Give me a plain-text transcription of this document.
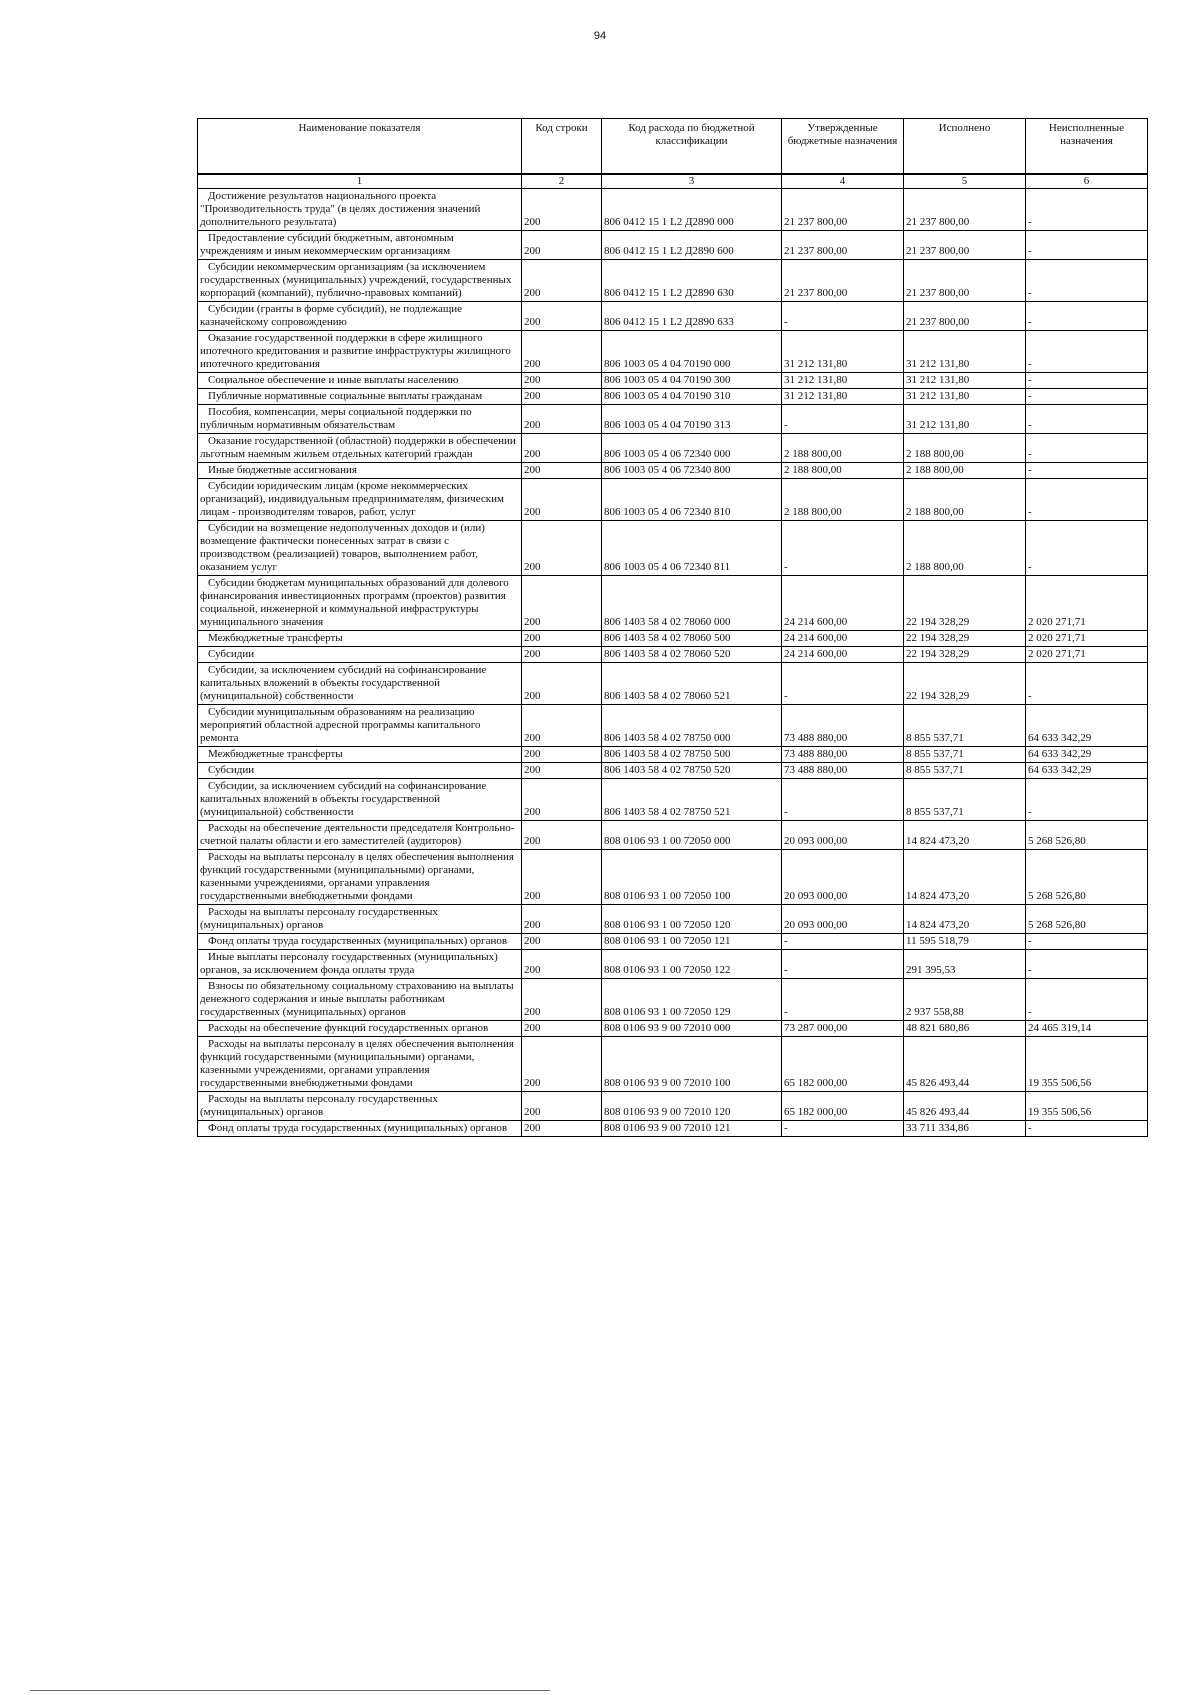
94
Наименование показателя	Код строки	Код расхода по бюджетной классификации	Утвержденные бюджетные назначения	Исполнено	Неисполненные назначения
1	2	3	4	5	6
Достижение результатов национального проекта "Производительность труда" (в целях достижения значений дополнительного результата)	200	806 0412 15 1 L2 Д2890 000	21 237 800,00	21 237 800,00	-
Предоставление субсидий бюджетным, автономным учреждениям и иным некоммерческим организациям	200	806 0412 15 1 L2 Д2890 600	21 237 800,00	21 237 800,00	-
Субсидии некоммерческим организациям (за исключением государственных (муниципальных) учреждений, государственных корпораций (компаний), публично-правовых компаний)	200	806 0412 15 1 L2 Д2890 630	21 237 800,00	21 237 800,00	-
Субсидии (гранты в форме субсидий), не подлежащие казначейскому сопровождению	200	806 0412 15 1 L2 Д2890 633	-	21 237 800,00	-
Оказание государственной поддержки в сфере жилищного ипотечного кредитования и развитие инфраструктуры жилищного ипотечного кредитования	200	806 1003 05 4 04 70190 000	31 212 131,80	31 212 131,80	-
Социальное обеспечение и иные выплаты населению	200	806 1003 05 4 04 70190 300	31 212 131,80	31 212 131,80	-
Публичные нормативные социальные выплаты гражданам	200	806 1003 05 4 04 70190 310	31 212 131,80	31 212 131,80	-
Пособия, компенсации, меры социальной поддержки по публичным нормативным обязательствам	200	806 1003 05 4 04 70190 313	-	31 212 131,80	-
Оказание государственной (областной) поддержки в обеспечении льготным наемным жильем отдельных категорий граждан	200	806 1003 05 4 06 72340 000	2 188 800,00	2 188 800,00	-
Иные бюджетные ассигнования	200	806 1003 05 4 06 72340 800	2 188 800,00	2 188 800,00	-
Субсидии юридическим лицам (кроме некоммерческих организаций), индивидуальным предпринимателям, физическим лицам - производителям товаров, работ, услуг	200	806 1003 05 4 06 72340 810	2 188 800,00	2 188 800,00	-
Субсидии на возмещение недополученных доходов и (или) возмещение фактически понесенных затрат в связи с производством (реализацией) товаров, выполнением работ, оказанием услуг	200	806 1003 05 4 06 72340 811	-	2 188 800,00	-
Субсидии бюджетам муниципальных образований для долевого финансирования инвестиционных программ (проектов) развития социальной, инженерной и коммунальной инфраструктуры муниципального значения	200	806 1403 58 4 02 78060 000	24 214 600,00	22 194 328,29	2 020 271,71
Межбюджетные трансферты	200	806 1403 58 4 02 78060 500	24 214 600,00	22 194 328,29	2 020 271,71
Субсидии	200	806 1403 58 4 02 78060 520	24 214 600,00	22 194 328,29	2 020 271,71
Субсидии, за исключением субсидий на софинансирование капитальных вложений в объекты государственной (муниципальной) собственности	200	806 1403 58 4 02 78060 521	-	22 194 328,29	-
Субсидии муниципальным образованиям на реализацию мероприятий областной адресной программы капитального ремонта	200	806 1403 58 4 02 78750 000	73 488 880,00	8 855 537,71	64 633 342,29
Межбюджетные трансферты	200	806 1403 58 4 02 78750 500	73 488 880,00	8 855 537,71	64 633 342,29
Субсидии	200	806 1403 58 4 02 78750 520	73 488 880,00	8 855 537,71	64 633 342,29
Субсидии, за исключением субсидий на софинансирование капитальных вложений в объекты государственной (муниципальной) собственности	200	806 1403 58 4 02 78750 521	-	8 855 537,71	-
Расходы на обеспечение деятельности председателя Контрольно-счетной палаты области и его заместителей (аудиторов)	200	808 0106 93 1 00 72050 000	20 093 000,00	14 824 473,20	5 268 526,80
Расходы на выплаты персоналу в целях обеспечения выполнения функций государственными (муниципальными) органами, казенными учреждениями, органами управления государственными внебюджетными фондами	200	808 0106 93 1 00 72050 100	20 093 000,00	14 824 473,20	5 268 526,80
Расходы на выплаты персоналу государственных (муниципальных) органов	200	808 0106 93 1 00 72050 120	20 093 000,00	14 824 473,20	5 268 526,80
Фонд оплаты труда государственных (муниципальных) органов	200	808 0106 93 1 00 72050 121	-	11 595 518,79	-
Иные выплаты персоналу государственных (муниципальных) органов, за исключением фонда оплаты труда	200	808 0106 93 1 00 72050 122	-	291 395,53	-
Взносы по обязательному социальному страхованию на выплаты денежного содержания и иные выплаты работникам государственных (муниципальных) органов	200	808 0106 93 1 00 72050 129	-	2 937 558,88	-
Расходы на обеспечение функций государственных органов	200	808 0106 93 9 00 72010 000	73 287 000,00	48 821 680,86	24 465 319,14
Расходы на выплаты персоналу в целях обеспечения выполнения функций государственными (муниципальными) органами, казенными учреждениями, органами управления государственными внебюджетными фондами	200	808 0106 93 9 00 72010 100	65 182 000,00	45 826 493,44	19 355 506,56
Расходы на выплаты персоналу государственных (муниципальных) органов	200	808 0106 93 9 00 72010 120	65 182 000,00	45 826 493,44	19 355 506,56
Фонд оплаты труда государственных (муниципальных) органов	200	808 0106 93 9 00 72010 121	-	33 711 334,86	-
